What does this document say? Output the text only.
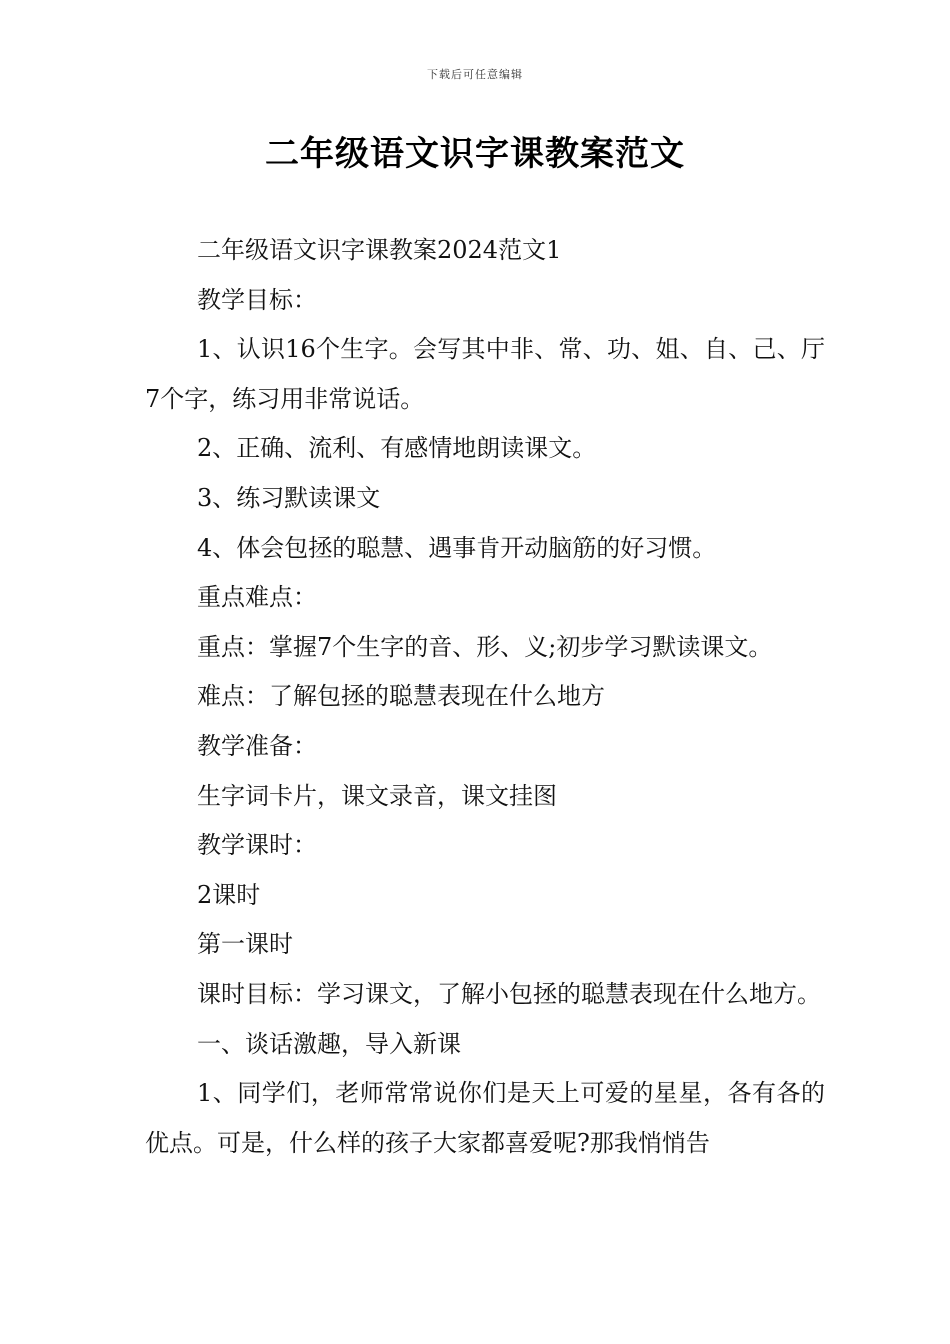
下载后可任意编辑
二年级语文识字课教案范文

二年级语文识字课教案2024范文1

教学目标：

1、认识16个生字。会写其中非、常、功、姐、自、己、厅7个字，练习用非常说话。

2、正确、流利、有感情地朗读课文。

3、练习默读课文

4、体会包拯的聪慧、遇事肯开动脑筋的好习惯。

重点难点：

重点：掌握7个生字的音、形、义;初步学习默读课文。

难点：了解包拯的聪慧表现在什么地方

教学准备：

生字词卡片，课文录音，课文挂图

教学课时：

2课时

第一课时

课时目标：学习课文，了解小包拯的聪慧表现在什么地方。

一、谈话激趣，导入新课

1、同学们，老师常常说你们是天上可爱的星星，各有各的优点。可是，什么样的孩子大家都喜爱呢?那我悄悄告
